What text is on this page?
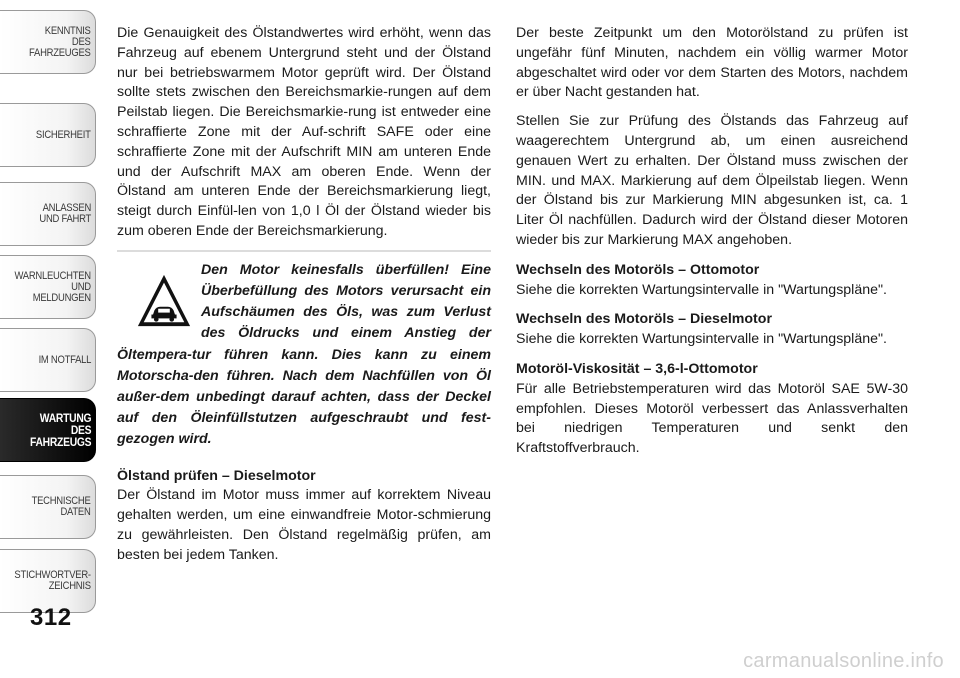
KENNTNIS
DES
FAHRZEUGES
SICHERHEIT
ANLASSEN
UND FAHRT
WARNLEUCHTEN
UND
MELDUNGEN
IM NOTFALL
WARTUNG
DES
FAHRZEUGS
TECHNISCHE
DATEN
STICHWORTVER-
ZEICHNIS
312

Die Genauigkeit des Ölstandwertes wird erhöht, wenn das Fahrzeug auf ebenem Untergrund steht und der Ölstand nur bei betriebswarmem Motor geprüft wird. Der Ölstand sollte stets zwischen den Bereichsmarkie-rungen auf dem Peilstab liegen. Die Bereichsmarkie-rung ist entweder eine schraffierte Zone mit der Auf-schrift SAFE oder eine schraffierte Zone mit der Aufschrift MIN am unteren Ende und der Aufschrift MAX am oberen Ende. Wenn der Ölstand am unteren Ende der Bereichsmarkierung liegt, steigt durch Einfül-len von 1,0 l Öl der Ölstand wieder bis zum oberen Ende der Bereichsmarkierung.

Den Motor keinesfalls überfüllen! Eine Überbefüllung des Motors verursacht ein Aufschäumen des Öls, was zum Verlust des Öldrucks und einem Anstieg der Öltempera-tur führen kann. Dies kann zu einem Motorscha-den führen. Nach dem Nachfüllen von Öl außer-dem unbedingt darauf achten, dass der Deckel auf den Öleinfüllstutzen aufgeschraubt und fest-gezogen wird.

Ölstand prüfen – Dieselmotor

Der Ölstand im Motor muss immer auf korrektem Niveau gehalten werden, um eine einwandfreie Motor-schmierung zu gewährleisten. Den Ölstand regelmäßig prüfen, am besten bei jedem Tanken.

Der beste Zeitpunkt um den Motorölstand zu prüfen ist ungefähr fünf Minuten, nachdem ein völlig warmer Motor abgeschaltet wird oder vor dem Starten des Motors, nachdem er über Nacht gestanden hat.

Stellen Sie zur Prüfung des Ölstands das Fahrzeug auf waagerechtem Untergrund ab, um einen ausreichend genauen Wert zu erhalten. Der Ölstand muss zwischen der MIN. und MAX. Markierung auf dem Ölpeilstab liegen. Wenn der Ölstand bis zur Markierung MIN abgesunken ist, ca. 1 Liter Öl nachfüllen. Dadurch wird der Ölstand dieser Motoren wieder bis zur Markierung MAX angehoben.

Wechseln des Motoröls – Ottomotor

Siehe die korrekten Wartungsintervalle in "Wartungspläne".

Wechseln des Motoröls – Dieselmotor

Siehe die korrekten Wartungsintervalle in "Wartungspläne".

Motoröl-Viskosität – 3,6-l-Ottomotor

Für alle Betriebstemperaturen wird das Motoröl SAE 5W-30 empfohlen. Dieses Motoröl verbessert das Anlassverhalten bei niedrigen Temperaturen und senkt den Kraftstoffverbrauch.

carmanualsonline.info
